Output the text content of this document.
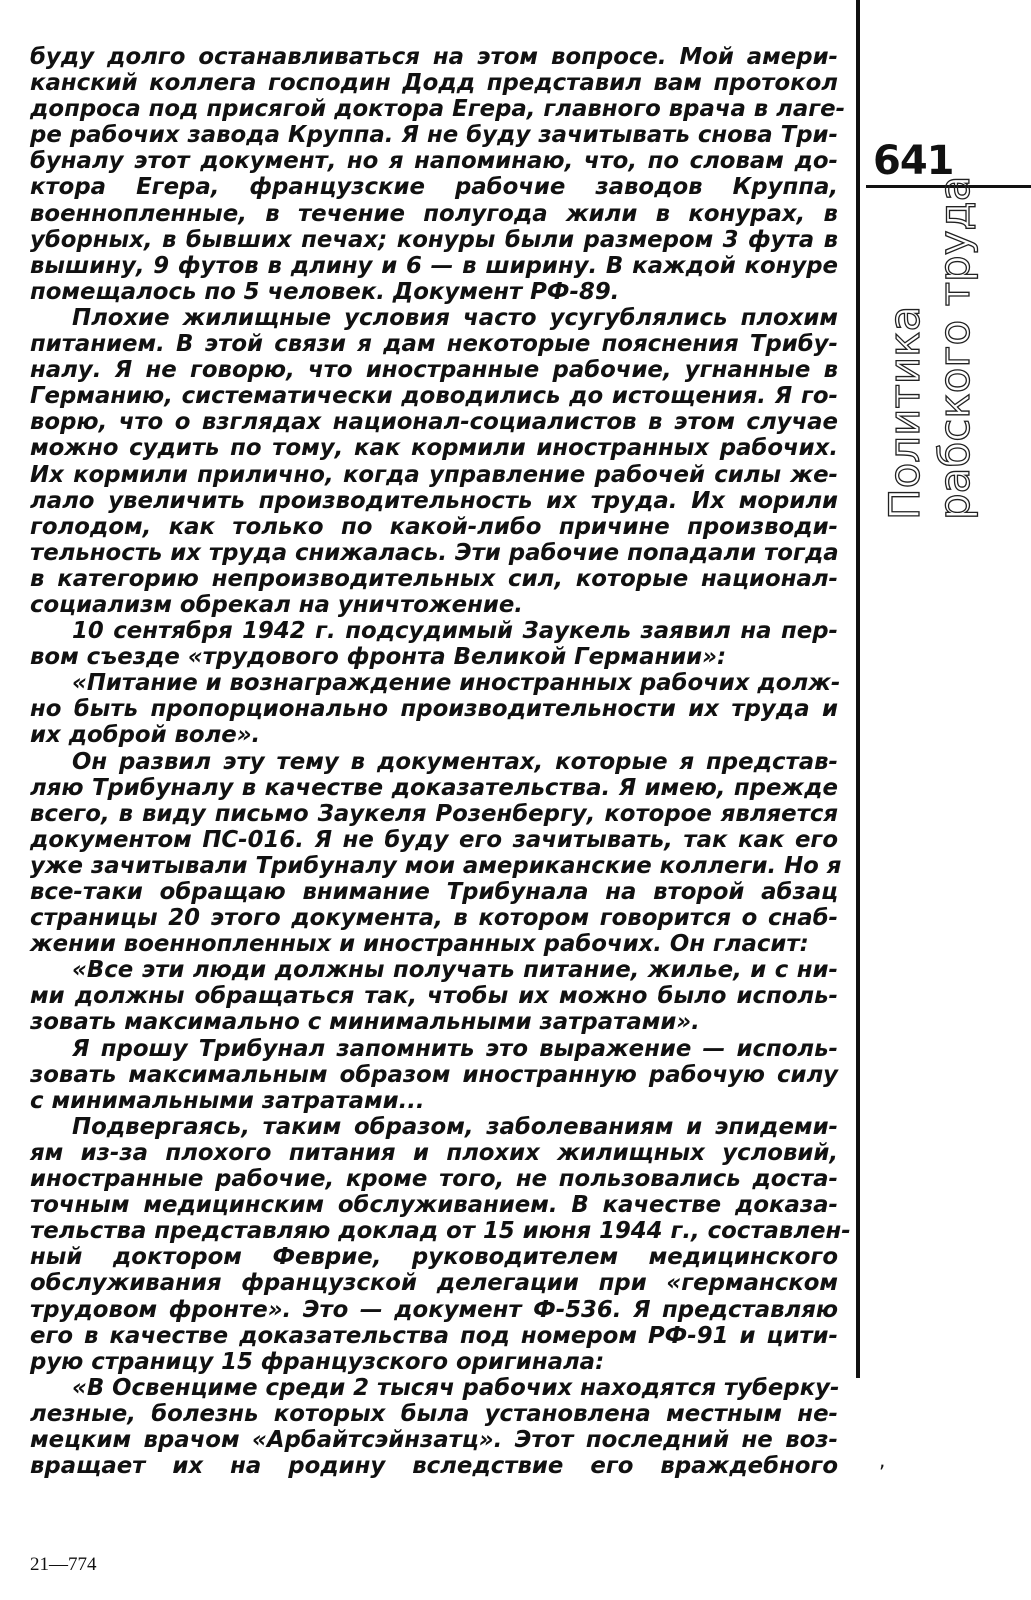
буду долго останавливаться на этом вопросе. Мой амери-
канский коллега господин Додд представил вам протокол
допроса под присягой доктора Егера, главного врача в лаге-
ре рабочих завода Круппа. Я не буду зачитывать снова Три-
буналу этот документ, но я напоминаю, что, по словам до-
ктора Егера, французские рабочие заводов Круппа,
военнопленные, в течение полугода жили в конурах, в
уборных, в бывших печах; конуры были размером 3 фута в
вышину, 9 футов в длину и 6 — в ширину. В каждой конуре
помещалось по 5 человек. Документ РФ-89.
Плохие жилищные условия часто усугублялись плохим
питанием. В этой связи я дам некоторые пояснения Трибу-
налу. Я не говорю, что иностранные рабочие, угнанные в
Германию, систематически доводились до истощения. Я го-
ворю, что о взглядах национал-социалистов в этом случае
можно судить по тому, как кормили иностранных рабочих.
Их кормили прилично, когда управление рабочей силы же-
лало увеличить производительность их труда. Их морили
голодом, как только по какой-либо причине производи-
тельность их труда снижалась. Эти рабочие попадали тогда
в категорию непроизводительных сил, которые национал-
социализм обрекал на уничтожение.
10 сентября 1942 г. подсудимый Заукель заявил на пер-
вом съезде «трудового фронта Великой Германии»:
«Питание и вознаграждение иностранных рабочих долж-
но быть пропорционально производительности их труда и
их доброй воле».
Он развил эту тему в документах, которые я представ-
ляю Трибуналу в качестве доказательства. Я имею, прежде
всего, в виду письмо Заукеля Розенбергу, которое является
документом ПС-016. Я не буду его зачитывать, так как его
уже зачитывали Трибуналу мои американские коллеги. Но я
все-таки обращаю внимание Трибунала на второй абзац
страницы 20 этого документа, в котором говорится о снаб-
жении военнопленных и иностранных рабочих. Он гласит:
«Все эти люди должны получать питание, жилье, и с ни-
ми должны обращаться так, чтобы их можно было исполь-
зовать максимально с минимальными затратами».
Я прошу Трибунал запомнить это выражение — исполь-
зовать максимальным образом иностранную рабочую силу
с минимальными затратами...
Подвергаясь, таким образом, заболеваниям и эпидеми-
ям из-за плохого питания и плохих жилищных условий,
иностранные рабочие, кроме того, не пользовались доста-
точным медицинским обслуживанием. В качестве доказа-
тельства представляю доклад от 15 июня 1944 г., составлен-
ный доктором Феврие, руководителем медицинского
обслуживания французской делегации при «германском
трудовом фронте». Это — документ Ф-536. Я представляю
его в качестве доказательства под номером РФ-91 и цити-
рую страницу 15 французского оригинала:
«В Освенциме среди 2 тысяч рабочих находятся туберку-
лезные, болезнь которых была установлена местным не-
мецким врачом «Арбайтсэйнзатц». Этот последний не воз-
вращает их на родину вследствие его враждебного
641
Политика рабского труда
,
21—774
